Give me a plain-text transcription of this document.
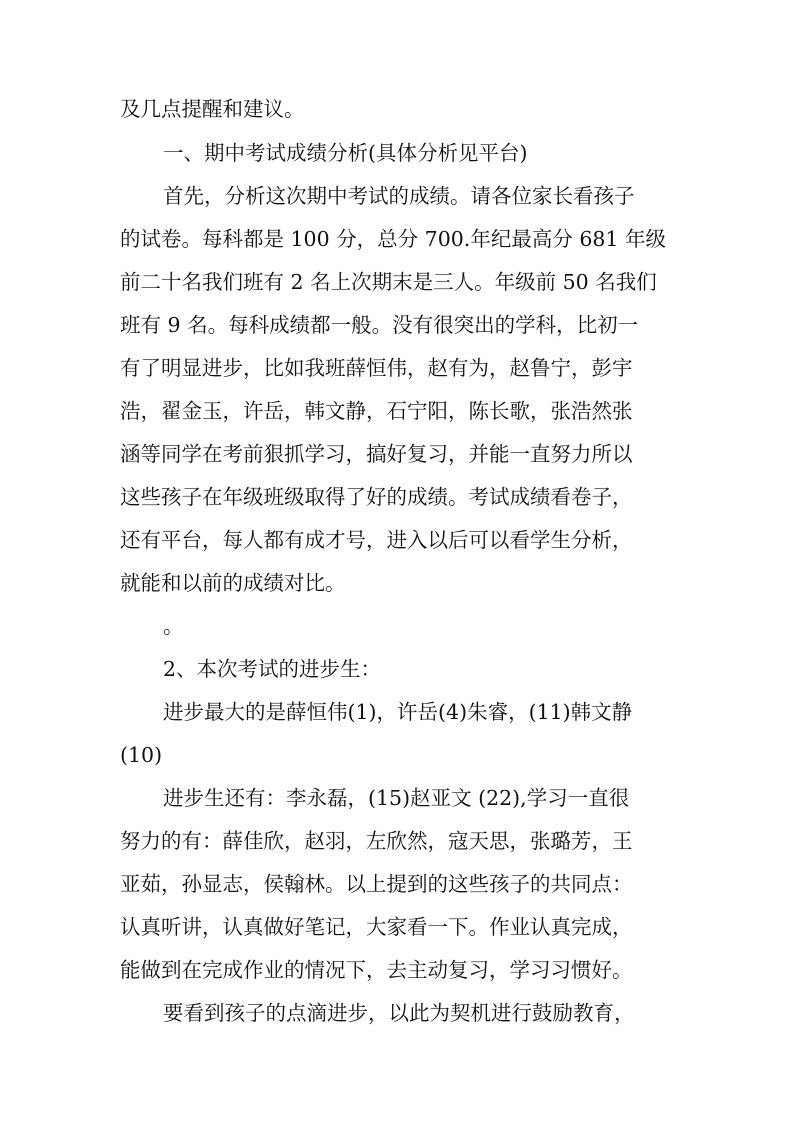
及几点提醒和建议。
一、期中考试成绩分析(具体分析见平台)
首先，分析这次期中考试的成绩。请各位家长看孩子
的试卷。每科都是 100 分，总分 700.年纪最高分 681 年级
前二十名我们班有 2 名上次期末是三人。年级前 50 名我们
班有 9 名。每科成绩都一般。没有很突出的学科，比初一
有了明显进步，比如我班薛恒伟，赵有为，赵鲁宁，彭宇
浩，翟金玉，许岳，韩文静，石宁阳，陈长歌，张浩然张
涵等同学在考前狠抓学习，搞好复习，并能一直努力所以
这些孩子在年级班级取得了好的成绩。考试成绩看卷子，
还有平台，每人都有成才号，进入以后可以看学生分析，
就能和以前的成绩对比。
。
2、本次考试的进步生：
进步最大的是薛恒伟(1)，许岳(4)朱睿，(11)韩文静
(10)
进步生还有：李永磊，(15)赵亚文 (22),学习一直很
努力的有：薛佳欣，赵羽，左欣然，寇天思，张璐芳，王
亚茹，孙显志，侯翰林。以上提到的这些孩子的共同点：
认真听讲，认真做好笔记，大家看一下。作业认真完成，
能做到在完成作业的情况下，去主动复习，学习习惯好。
要看到孩子的点滴进步，以此为契机进行鼓励教育，
